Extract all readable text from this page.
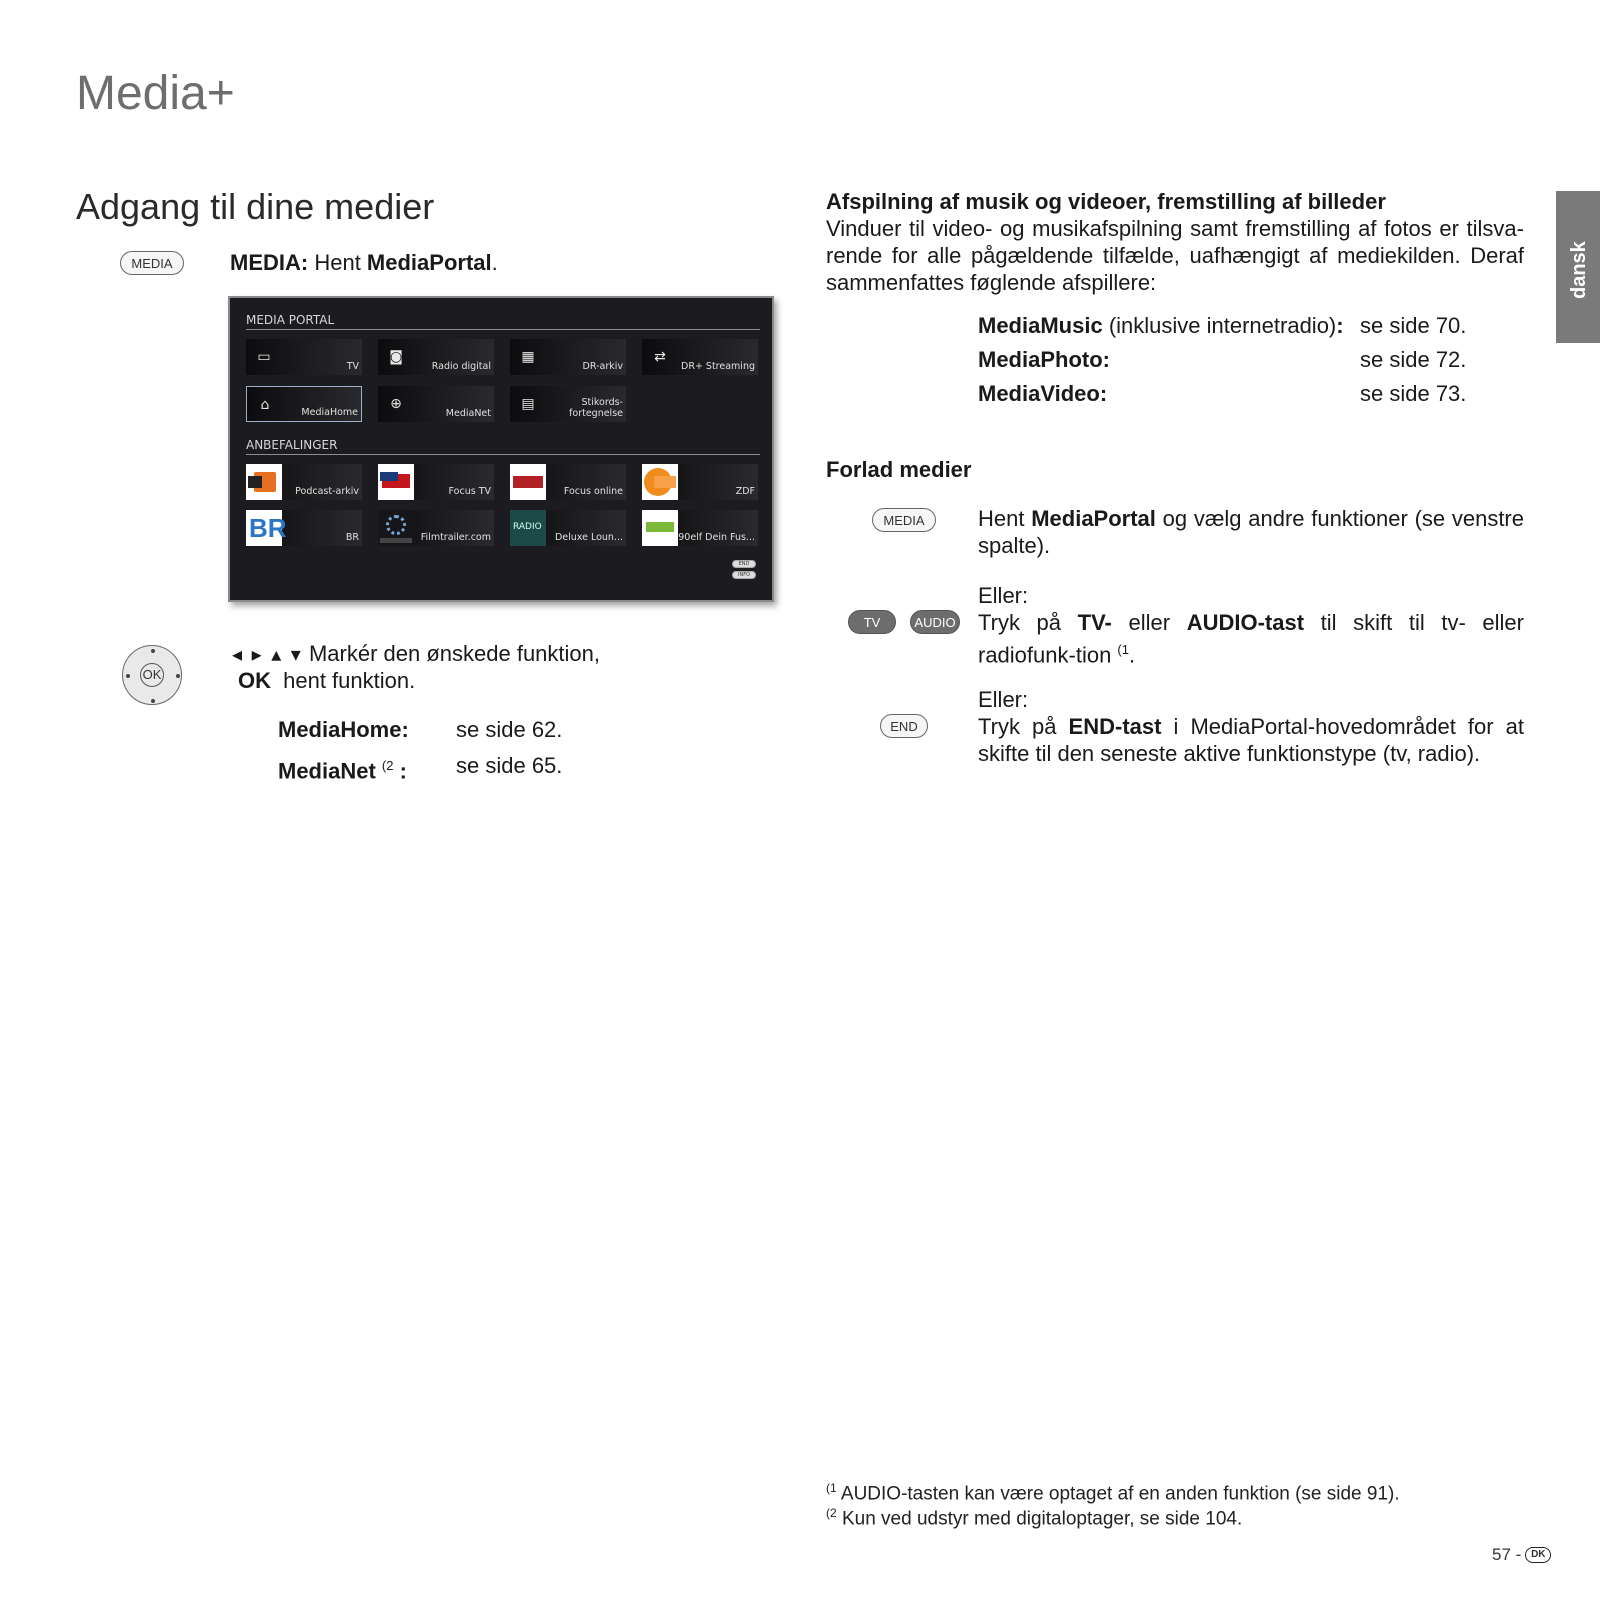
Media+
dansk
Adgang til dine medier
MEDIA	MEDIA: Hent MediaPortal.
MEDIA PORTAL
▭
TV
◙
Radio digital
▦
DR-arkiv
⇄
DR+ Streaming
⌂	MediaHome
⊕
MediaNet
▤	Stikords-
fortegnelse
ANBEFALINGER
Podcast-arkiv	Focus TV	Focus online	ZDF
BR	BR	Filmtrailer.com
RADIO
Deluxe Loun...	90elf Dein Fus...
END
INFO
OK
◂ ▸ ▴ ▾ Markér den ønskede funktion,
OK hent funktion.
MediaHome: se side 62.
MediaNet $^{(2}$ : se side 65.
Afspilning af musik og videoer, fremstilling af billeder
Vinduer til video- og musikafspilning samt fremstilling af fotos er tilsva-rende for alle pågældende tilfælde, uafhængigt af mediekilden. Deraf sammenfattes føglende afspillere:
MediaMusic (inklusive internetradio): se side 70.
MediaPhoto:	se side 72.
MediaVideo:	se side 73.
Forlad medier
MEDIA	Hent MediaPortal og vælg andre funktioner (se venstre spalte).
Eller:
TV	AUDIO Tryk på TV- eller AUDIO-tast til skift til tv- eller radiofunk-tion $^{(1}$.
Eller:
END	Tryk på END-tast i MediaPortal-hovedområdet for at skifte til den seneste aktive funktionstype (tv, radio).
$^{(1}$ AUDIO-tasten kan være optaget af en anden funktion (se side 91).
$^{(2}$ Kun ved udstyr med digitaloptager, se side 104.
57 - DK
